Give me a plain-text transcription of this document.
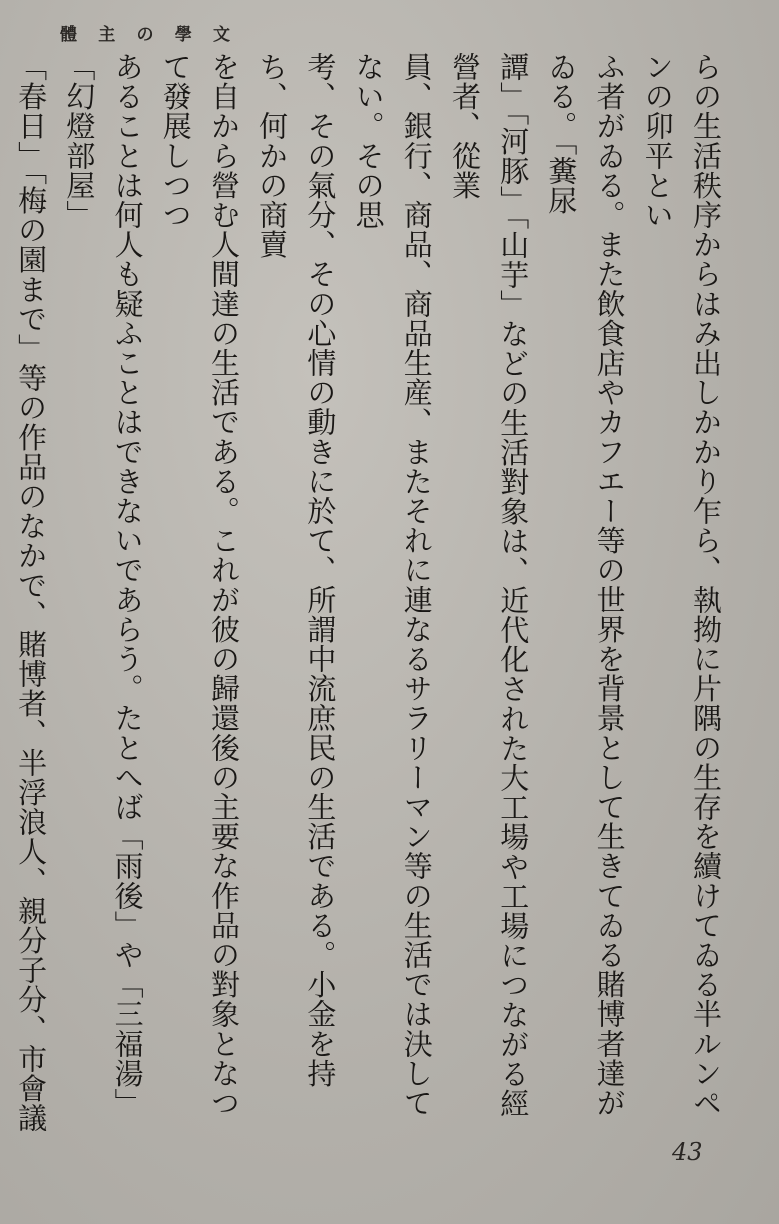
體 主 の 學 文
らの生活秩序からはみ出しかかり乍ら、執拗に片隅の生存を續けてゐる半ルンペンの卯平とい
ふ者がゐる。また飲食店やカフエー等の世界を背景として生きてゐる賭博者達がゐる。「糞尿
譚」「河豚」「山芋」などの生活對象は、近代化された大工場や工場につながる經營者、從業
員、銀行、商品、商品生産、またそれに連なるサラリーマン等の生活では決してない。その思
考、その氣分、その心情の動きに於て、所謂中流庶民の生活である。小金を持ち、何かの商賣
を自から營む人間達の生活である。これが彼の歸還後の主要な作品の對象となつて發展しつつ
あることは何人も疑ふことはできないであらう。たとへば「雨後」や「三福湯」「幻燈部屋」
「春日」「梅の園まで」等の作品のなかで、賭博者、半浮浪人、親分子分、市會議
43
